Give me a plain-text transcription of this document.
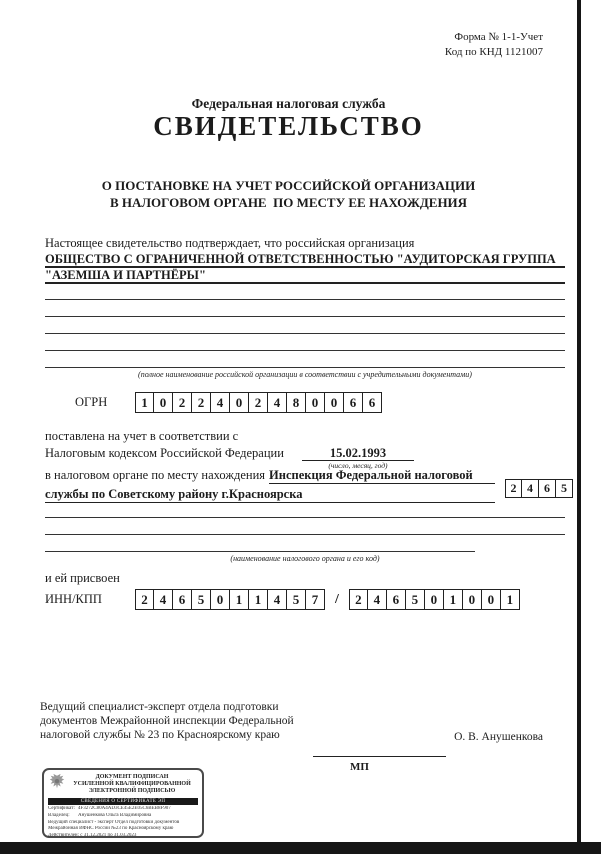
Форма № 1-1-Учет
Код по КНД 1121007
Федеральная налоговая служба
СВИДЕТЕЛЬСТВО
О ПОСТАНОВКЕ НА УЧЕТ РОССИЙСКОЙ ОРГАНИЗАЦИИ
В НАЛОГОВОМ ОРГАНЕ  ПО МЕСТУ ЕЕ НАХОЖДЕНИЯ
Настоящее свидетельство подтверждает, что российская организация
ОБЩЕСТВО С ОГРАНИЧЕННОЙ ОТВЕТСТВЕННОСТЬЮ "АУДИТОРСКАЯ ГРУППА
"АЗЕМША И ПАРТНЁРЫ"
(полное наименование российской организации в соответствии с учредительными документами)
ОГРН	1 0 2 2 4 0 2 4 8 0 0 6 6
поставлена на учет в соответствии с
Налоговым кодексом Российской Федерации	15.02.1993
(число, месяц, год)
в налоговом органе по месту нахождения Инспекция Федеральной налоговой
службы по Советскому району г.Красноярска	2 4 6 5
(наименование налогового органа и его код)
и ей присвоен
ИНН/КПП	2 4 6 5 0 1 1 4 5 7	/	2 4 6 5 0 1 0 0 1
Ведущий специалист-эксперт отдела подготовки
документов Межрайонной инспекции Федеральной
налоговой службы № 23 по Красноярскому краю	О. В. Анушенкова
МП
ДОКУМЕНТ ПОДПИСАН
УСИЛЕННОЙ КВАЛИФИЦИРОВАННОЙ
ЭЛЕКТРОННОЙ ПОДПИСЬЮ
СВЕДЕНИЯ О СЕРТИФИКАТЕ ЭП
Сертификат: 4F3272C80A4AD3CE45E2E05C6BEB8F907
Владелец: Анушенкова Ольга Владимировна
Ведущий специалист - эксперт Отдел подготовки документов
Межрайонная ИФНС России №23 по Красноярскому краю
Действителен: с 31.12.2021 по 31.03.2023
